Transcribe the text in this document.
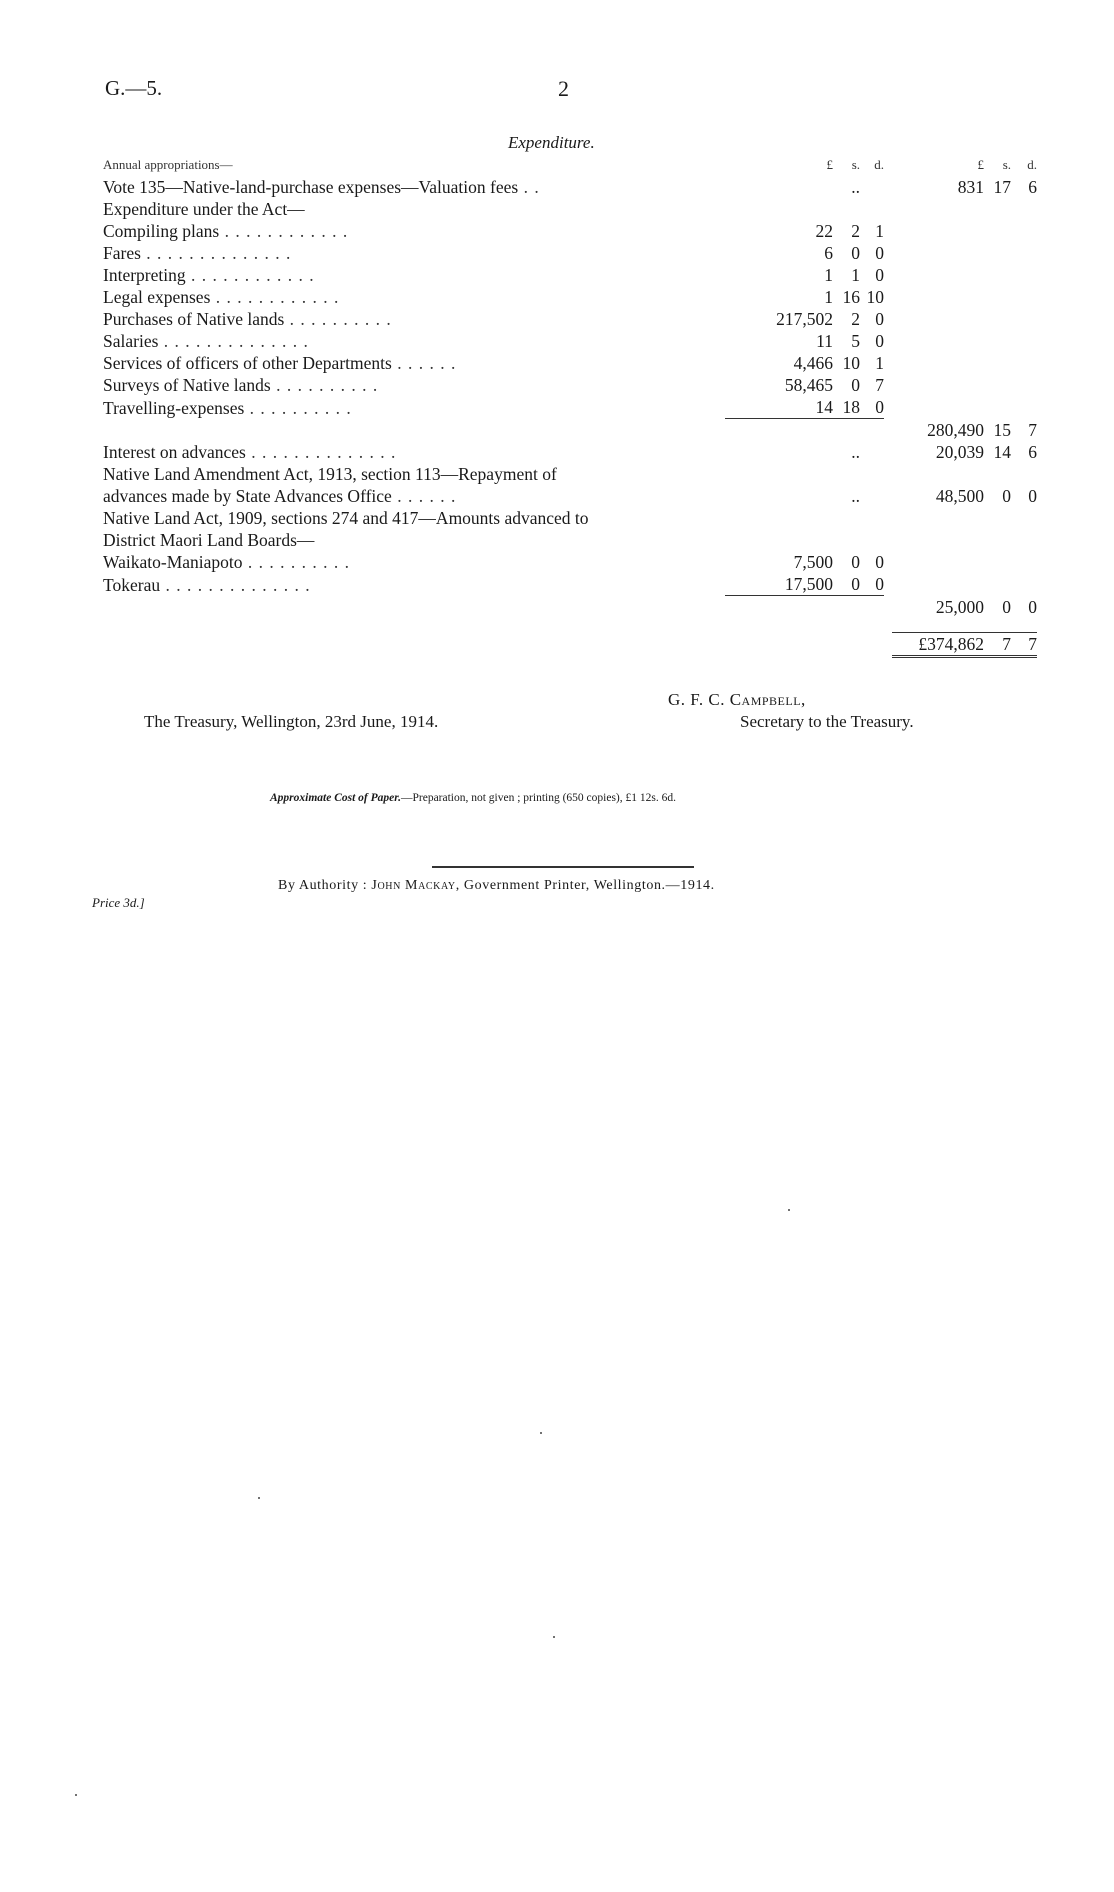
G.—5.	2
Expenditure.
Annual appropriations—	£	s.	d.		£	s.	d.
Vote 135—Native-land-purchase expenses—Valuation fees . .		..			831	17	6
Expenditure under the Act—							
Compiling plans . . . . . . . . . . . .	22	2	1				
Fares . . . . . . . . . . . . . .	6	0	0				
Interpreting . . . . . . . . . . . .	1	1	0				
Legal expenses . . . . . . . . . . . .	1	16	10				
Purchases of Native lands . . . . . . . . . .	217,502	2	0				
Salaries . . . . . . . . . . . . . .	11	5	0				
Services of officers of other Departments . . . . . .	4,466	10	1				
Surveys of Native lands . . . . . . . . . .	58,465	0	7				
Travelling-expenses . . . . . . . . . .	14	18	0				
					280,490	15	7
Interest on advances . . . . . . . . . . . . . .		..			20,039	14	6
Native Land Amendment Act, 1913, section 113—Repayment of							
advances made by State Advances Office . . . . . .		..			48,500	0	0
Native Land Act, 1909, sections 274 and 417—Amounts advanced to							
District Maori Land Boards—							
Waikato-Maniapoto . . . . . . . . . .	7,500	0	0				
Tokerau . . . . . . . . . . . . . .	17,500	0	0				
					25,000	0	0

					£374,862	7	7
G. F. C. Campbell,
Secretary to the Treasury.
The Treasury, Wellington, 23rd June, 1914.
Approximate Cost of Paper.—Preparation, not given ; printing (650 copies), £1 12s. 6d.
By Authority : John Mackay, Government Printer, Wellington.—1914.
Price 3d.]
